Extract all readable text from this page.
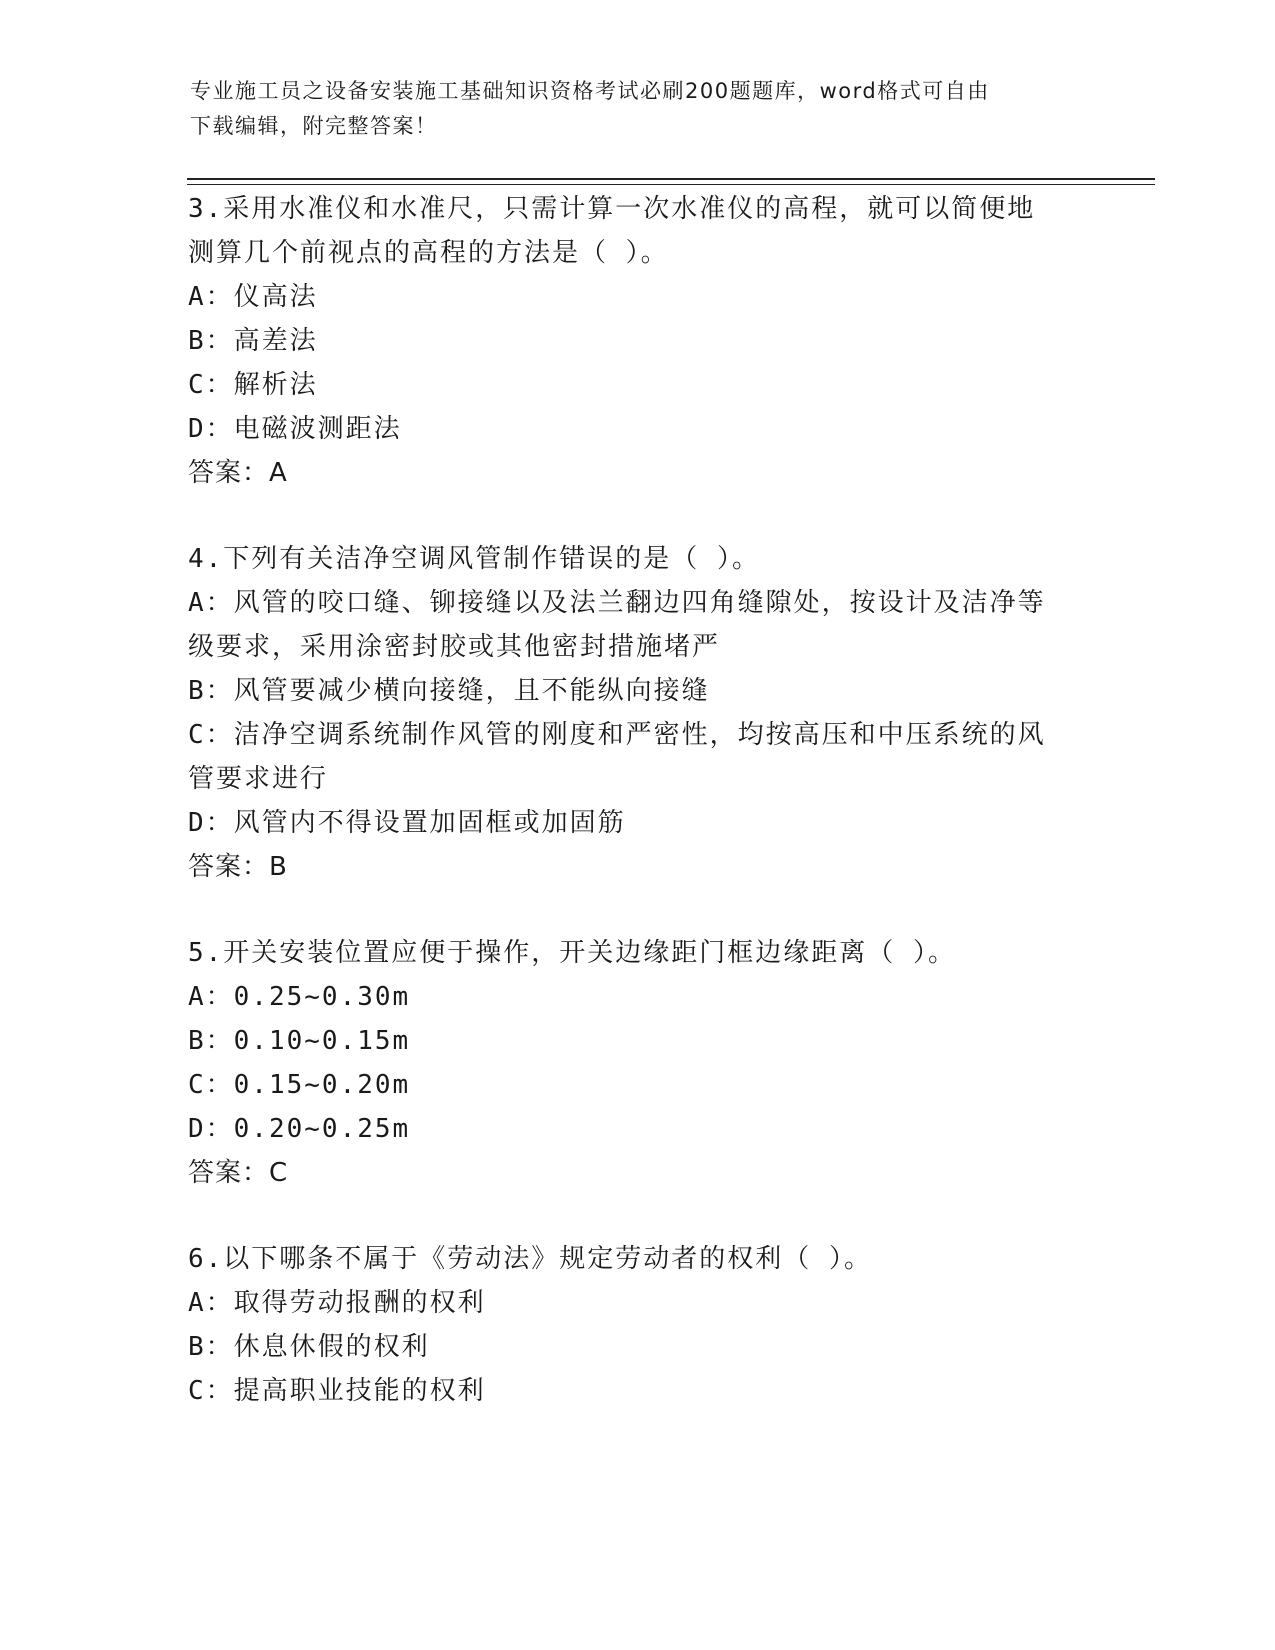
专业施工员之设备安装施工基础知识资格考试必刷200题题库，word格式可自由
下载编辑，附完整答案！
3.采用水准仪和水准尺，只需计算一次水准仪的高程，就可以简便地
测算几个前视点的高程的方法是（ ）。
A：仪高法
B：高差法
C：解析法
D：电磁波测距法
答案：A
4.下列有关洁净空调风管制作错误的是（ ）。
A：风管的咬口缝、铆接缝以及法兰翻边四角缝隙处，按设计及洁净等
级要求，采用涂密封胶或其他密封措施堵严
B：风管要减少横向接缝，且不能纵向接缝
C：洁净空调系统制作风管的刚度和严密性，均按高压和中压系统的风
管要求进行
D：风管内不得设置加固框或加固筋
答案：B
5.开关安装位置应便于操作，开关边缘距门框边缘距离（ ）。
A：0.25~0.30m
B：0.10~0.15m
C：0.15~0.20m
D：0.20~0.25m
答案：C
6.以下哪条不属于《劳动法》规定劳动者的权利（ ）。
A：取得劳动报酬的权利
B：休息休假的权利
C：提高职业技能的权利
